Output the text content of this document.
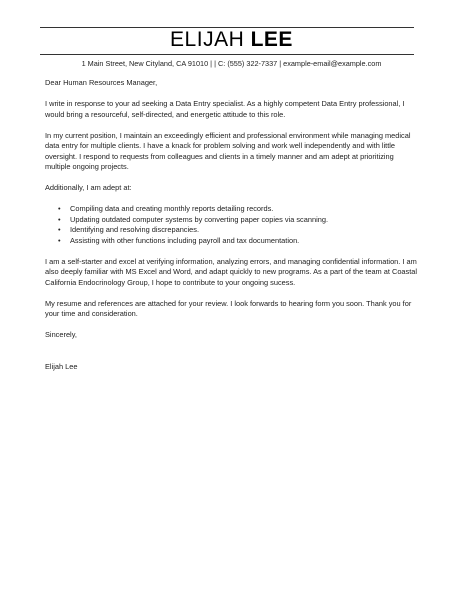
ELIJAH LEE
1 Main Street, New Cityland, CA 91010 | | C: (555) 322-7337 | example-email@example.com

Dear Human Resources Manager,

I write in response to your ad seeking a Data Entry specialist. As a highly competent Data Entry professional, I would bring a resourceful, self-directed, and energetic attitude to this role.

In my current position, I maintain an exceedingly efficient and professional environment while managing medical data entry for multiple clients. I have a knack for problem solving and work well independently and with little oversight. I respond to requests from colleagues and clients in a timely manner and am adept at prioritizing multiple ongoing projects.

Additionally, I am adept at:

• Compiling data and creating monthly reports detailing records.
• Updating outdated computer systems by converting paper copies via scanning.
• Identifying and resolving discrepancies.
• Assisting with other functions including payroll and tax documentation.

I am a self-starter and excel at verifying information, analyzing errors, and managing confidential information. I am also deeply familiar with MS Excel and Word, and adapt quickly to new programs. As a part of the team at Coastal California Endocrinology Group, I hope to contribute to your ongoing sucess.

My resume and references are attached for your review. I look forwards to hearing form you soon. Thank you for your time and consideration.

Sincerely,

Elijah Lee
